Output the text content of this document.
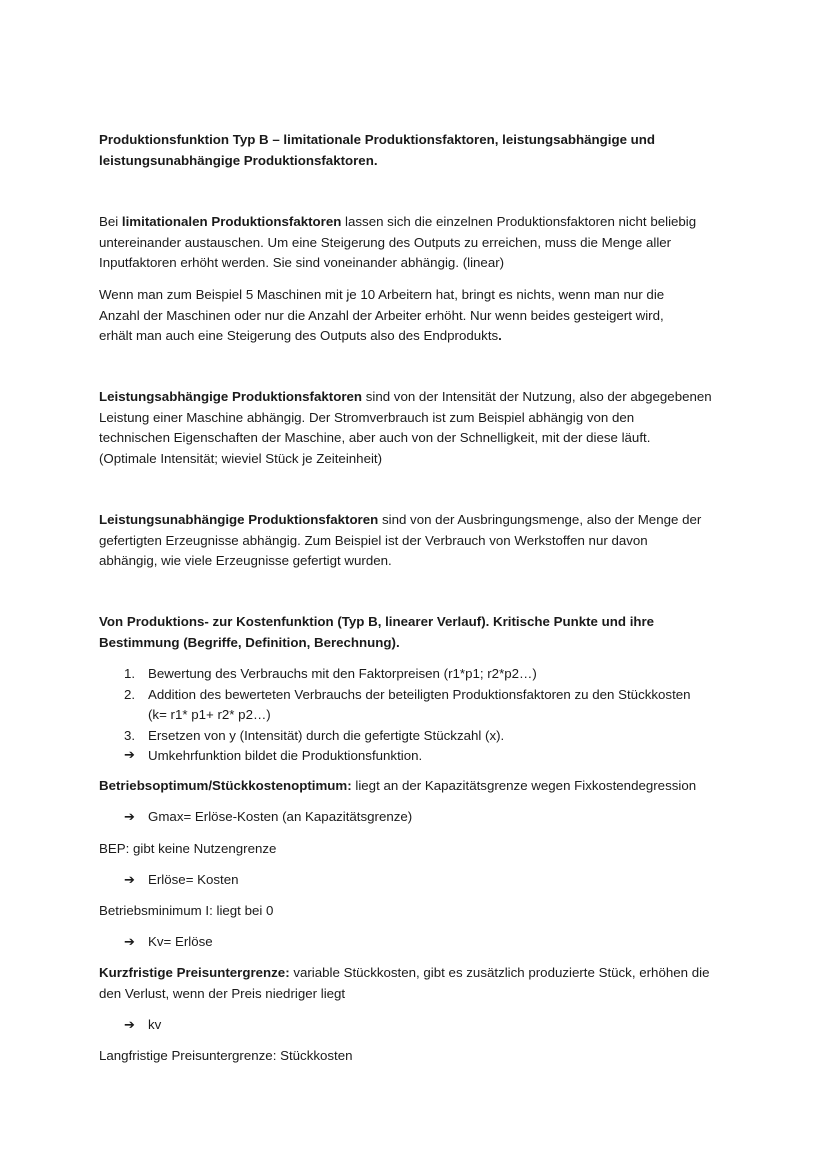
Produktionsfunktion Typ B – limitationale Produktionsfaktoren, leistungsabhängige und
leistungsunabhängige Produktionsfaktoren.

Bei limitationalen Produktionsfaktoren lassen sich die einzelnen Produktionsfaktoren nicht beliebig
untereinander austauschen. Um eine Steigerung des Outputs zu erreichen, muss die Menge aller
Inputfaktoren erhöht werden. Sie sind voneinander abhängig. (linear)

Wenn man zum Beispiel 5 Maschinen mit je 10 Arbeitern hat, bringt es nichts, wenn man nur die
Anzahl der Maschinen oder nur die Anzahl der Arbeiter erhöht. Nur wenn beides gesteigert wird,
erhält man auch eine Steigerung des Outputs also des Endprodukts.

Leistungsabhängige Produktionsfaktoren sind von der Intensität der Nutzung, also der abgegebenen
Leistung einer Maschine abhängig. Der Stromverbrauch ist zum Beispiel abhängig von den
technischen Eigenschaften der Maschine, aber auch von der Schnelligkeit, mit der diese läuft.
(Optimale Intensität; wieviel Stück je Zeiteinheit)

Leistungsunabhängige Produktionsfaktoren sind von der Ausbringungsmenge, also der Menge der
gefertigten Erzeugnisse abhängig. Zum Beispiel ist der Verbrauch von Werkstoffen nur davon
abhängig, wie viele Erzeugnisse gefertigt wurden.

Von Produktions- zur Kostenfunktion (Typ B, linearer Verlauf). Kritische Punkte und ihre
Bestimmung (Begriffe, Definition, Berechnung).

1. Bewertung des Verbrauchs mit den Faktorpreisen (r1*p1; r2*p2…)
2. Addition des bewerteten Verbrauchs der beteiligten Produktionsfaktoren zu den Stückkosten
(k= r1* p1+ r2* p2…)
3. Ersetzen von y (Intensität) durch die gefertigte Stückzahl (x).
➔ Umkehrfunktion bildet die Produktionsfunktion.

Betriebsoptimum/Stückkostenoptimum: liegt an der Kapazitätsgrenze wegen Fixkostendegression

➔ Gmax= Erlöse-Kosten (an Kapazitätsgrenze)

BEP: gibt keine Nutzengrenze

➔ Erlöse= Kosten

Betriebsminimum I: liegt bei 0

➔ Kv= Erlöse

Kurzfristige Preisuntergrenze: variable Stückkosten, gibt es zusätzlich produzierte Stück, erhöhen die
den Verlust, wenn der Preis niedriger liegt

➔ kv

Langfristige Preisuntergrenze: Stückkosten
